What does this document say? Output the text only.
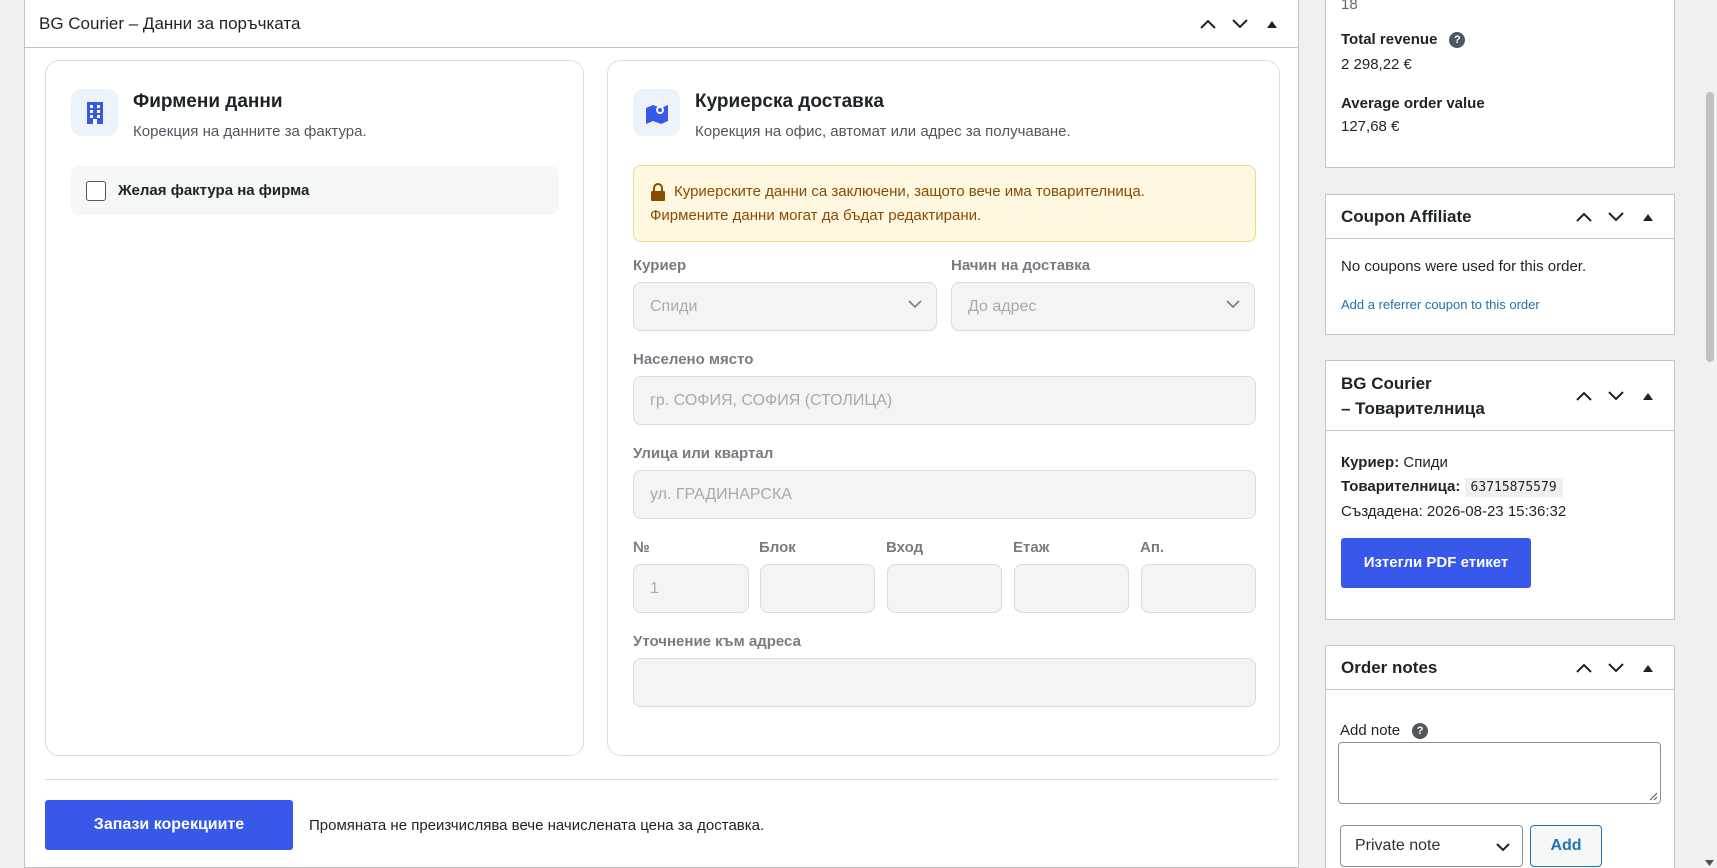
BG Courier – Данни за поръчката
Фирмени данни
Корекция на данните за фактура.
Желая фактура на фирма
Куриерска доставка
Корекция на офис, автомат или адрес за получаване.
Куриерските данни са заключени, защото вече има товарителница.
Фирмените данни могат да бъдат редактирани.
Куриер
Спиди
Начин на доставка
До адрес
Населено място
гр. СОФИЯ, СОФИЯ (СТОЛИЦА)
Улица или квартал
ул. ГРАДИНАРСКА
№
1
Блок	Вход	Етаж	Ап.
Уточнение към адреса
Запази корекциите	Промяната не преизчислява вече начислената цена за доставка.
18
Total revenue	?
2 298,22 €
Average order value
127,68 €
Coupon Affiliate
No coupons were used for this order.
Add a referrer coupon to this order
BG Courier
– Товарителница
Куриер: Спиди
Товарителница: 63715875579
Създадена: 2026-08-23 15:36:32
Изтегли PDF етикет
Order notes
Add note	?
Private note	Add
